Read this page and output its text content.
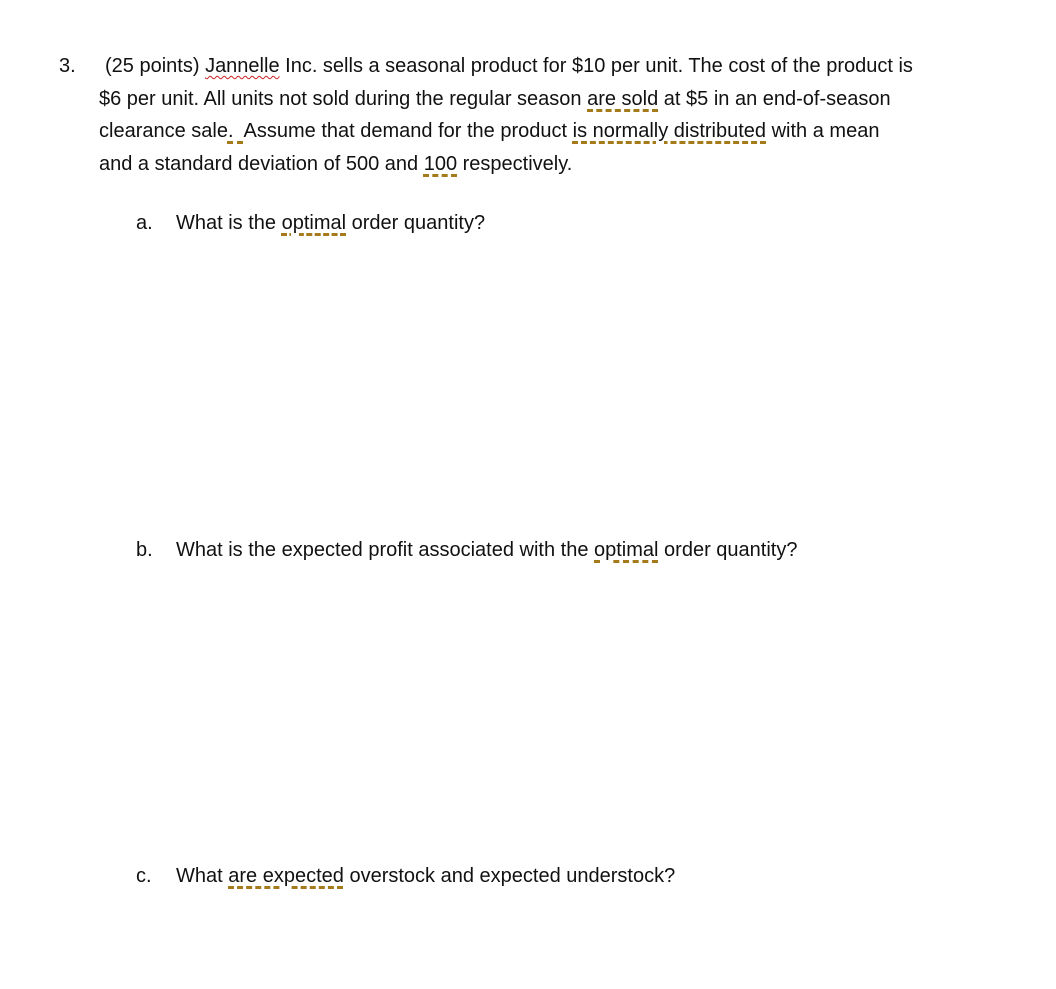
3.	(25 points) Jannelle Inc. sells a seasonal product for $10 per unit. The cost of the product is
$6 per unit. All units not sold during the regular season are sold at $5 in an end-of-season
clearance sale.  Assume that demand for the product is normally distributed with a mean
and a standard deviation of 500 and 100 respectively.
a. What is the optimal order quantity?
b. What is the expected profit associated with the optimal order quantity?
c. What are expected overstock and expected understock?
